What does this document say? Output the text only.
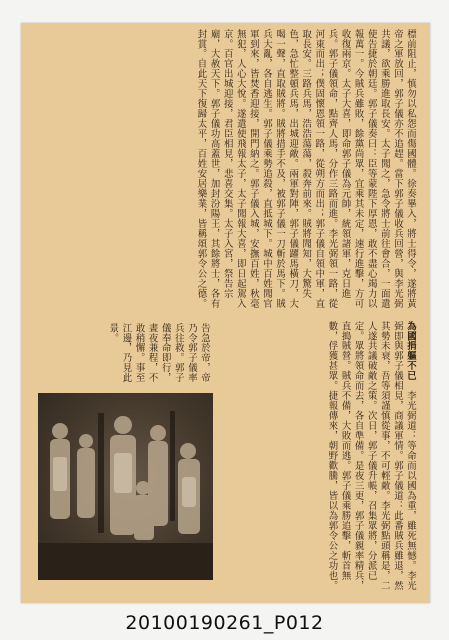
標前阻止，慎勿以私怨而傷國體。徐奏畢入，將士得令，遂將黃帝之軍放回，郭子儀亦不追趕。當下郭子儀收兵回營，與李光弼共議，欲乘勝進取長安。太子聞之，急令將士前往會合，一面遣使告捷於朝廷。郭子儀奏曰：臣等蒙陛下厚恩，敢不盡心竭力以報萬一。今賊兵雖敗，餘黨尚眾，宜乘其未定，速行進擊，方可收復兩京。太子大喜，即命郭子儀為元帥，統領諸軍，克日進兵。郭子儀領命，點齊人馬，分作三路而進。李光弼領一路，從河東而出；僕固懷恩領一路，從朔方而出；郭子儀自領中軍，直取長安。三路兵馬，浩浩蕩蕩，殺奔前來。賊將聞知，大驚失色，急忙整頓兵馬，出城迎敵。兩軍對陣，郭子儀躍馬橫刀，大喝一聲，直取賊將。賊將措手不及，被郭子儀一刀斬於馬下。賊兵大亂，各自逃生。郭子儀乘勢追殺，直抵城下。城中百姓聞官軍到來，皆焚香迎接，開門納之。郭子儀入城，安撫百姓，秋毫無犯，人心大悅。遂遣使飛報太子，太子聞報大喜，即日起駕入京。百官出城迎接，君臣相見，悲喜交集。太子入宮，祭告宗廟，大赦天下。郭子儀功高蓋世，加封汾陽王，其餘將士，各有封賞。自此天下復歸太平，百姓安居樂業，皆稱頌郭令公之德。
為國捐軀不已　李光弼道：等命而以國為重，雖死無憾。李光弼即與郭子儀相見，商議軍情。郭子儀道：此番賊兵雖退，然其勢未衰，吾等須謹慎從事，不可輕敵。李光弼點頭稱是，二人遂共議破敵之策。次日，郭子儀升帳，召集眾將，分派已定。眾將領命而去，各自準備。是夜三更，郭子儀親率精兵，直搗賊營。賊兵不備，大敗而逃。郭子儀乘勝追擊，斬首無數，俘獲甚眾。捷報傳來，朝野歡騰，皆以為郭令公之功也。
告急於帝，帝乃令郭子儀率兵往救。郭子儀奉命即行，晝夜兼程，不敢稍懈。事至江邊，乃見此景。
20100190261_P012
